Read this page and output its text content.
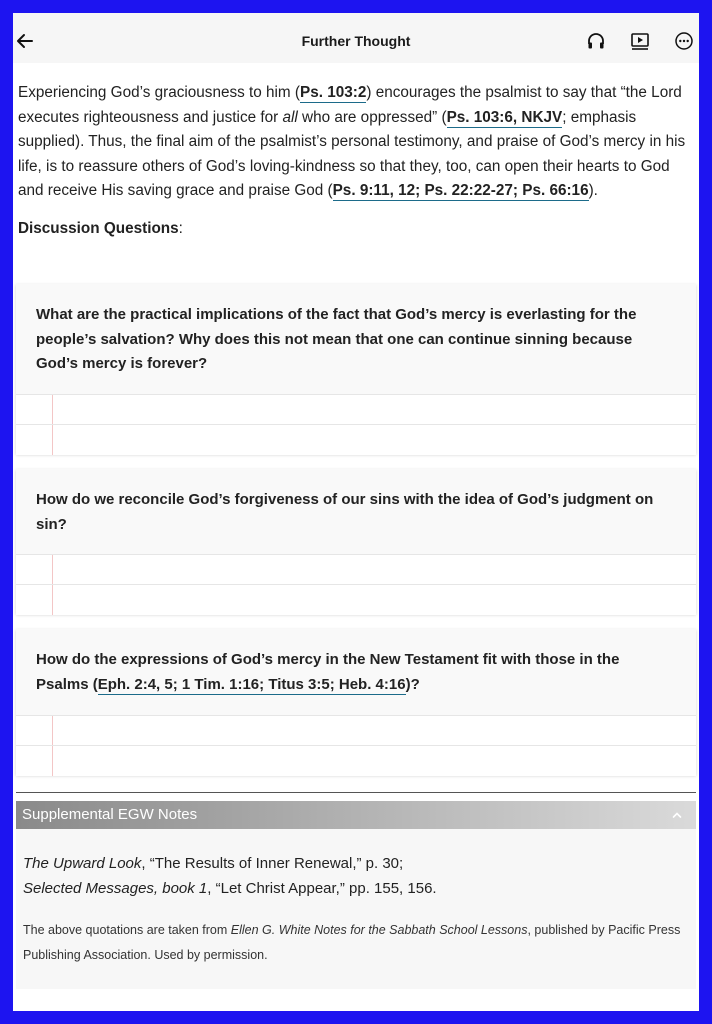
Further Thought

Experiencing God’s graciousness to him (Ps. 103:2) encourages the psalmist to say that “the Lord executes righteousness and justice for all who are oppressed” (Ps. 103:6, NKJV; emphasis supplied). Thus, the final aim of the psalmist’s personal testimony, and praise of God’s mercy in his life, is to reassure others of God’s loving-kindness so that they, too, can open their hearts to God and receive His saving grace and praise God (Ps. 9:11, 12; Ps. 22:22-27; Ps. 66:16).

Discussion Questions:

What are the practical implications of the fact that God’s mercy is everlasting for the people’s salvation? Why does this not mean that one can continue sinning because God’s mercy is forever?
How do we reconcile God’s forgiveness of our sins with the idea of God’s judgment on sin?
How do the expressions of God’s mercy in the New Testament fit with those in the Psalms (Eph. 2:4, 5; 1 Tim. 1:16; Titus 3:5; Heb. 4:16)?
Supplemental EGW Notes
The Upward Look, “The Results of Inner Renewal,” p. 30;
Selected Messages, book 1, “Let Christ Appear,” pp. 155, 156.
The above quotations are taken from Ellen G. White Notes for the Sabbath School Lessons, published by Pacific Press Publishing Association. Used by permission.
